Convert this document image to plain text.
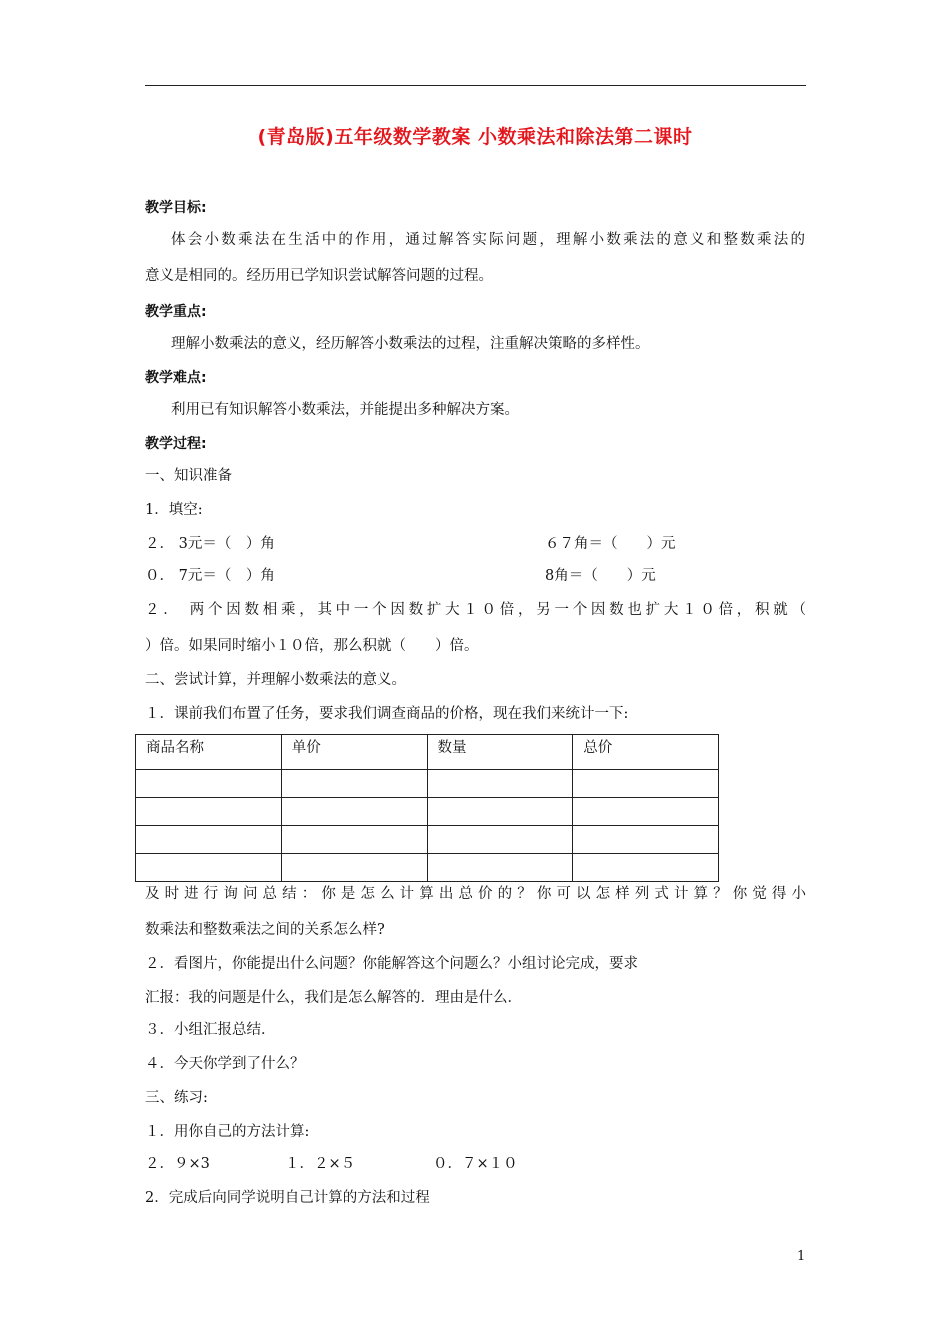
(青岛版)五年级数学教案 小数乘法和除法第二课时
教学目标:
体会小数乘法在生活中的作用，通过解答实际问题，理解小数乘法的意义和整数乘法的
意义是相同的。经历用已学知识尝试解答问题的过程。
教学重点:
理解小数乘法的意义，经历解答小数乘法的过程，注重解决策略的多样性。
教学难点:
利用已有知识解答小数乘法，并能提出多种解决方案。
教学过程:
一、知识准备
1．填空:
２． 3元＝（　）角	６７角＝（　　）元
０． 7元＝（　）角	8角＝（　　）元
２． 两个因数相乘，其中一个因数扩大１０倍，另一个因数也扩大１０倍，积就（
）倍。如果同时缩小１０倍，那么积就（　　）倍。
二、尝试计算，并理解小数乘法的意义。
１．课前我们布置了任务，要求我们调查商品的价格，现在我们来统计一下:
商品名称	单价	数量	总价

及时进行询问总结：你是怎么计算出总价的？你可以怎样列式计算？你觉得小
数乘法和整数乘法之间的关系怎么样?
２．看图片，你能提出什么问题？你能解答这个问题么？小组讨论完成，要求
汇报：我的问题是什么，我们是怎么解答的．理由是什么．
３．小组汇报总结．
４．今天你学到了什么？
三、练习:
１．用你自己的方法计算:
２．９×3	１．２×５	０．７×１０
2．完成后向同学说明自己计算的方法和过程
1
